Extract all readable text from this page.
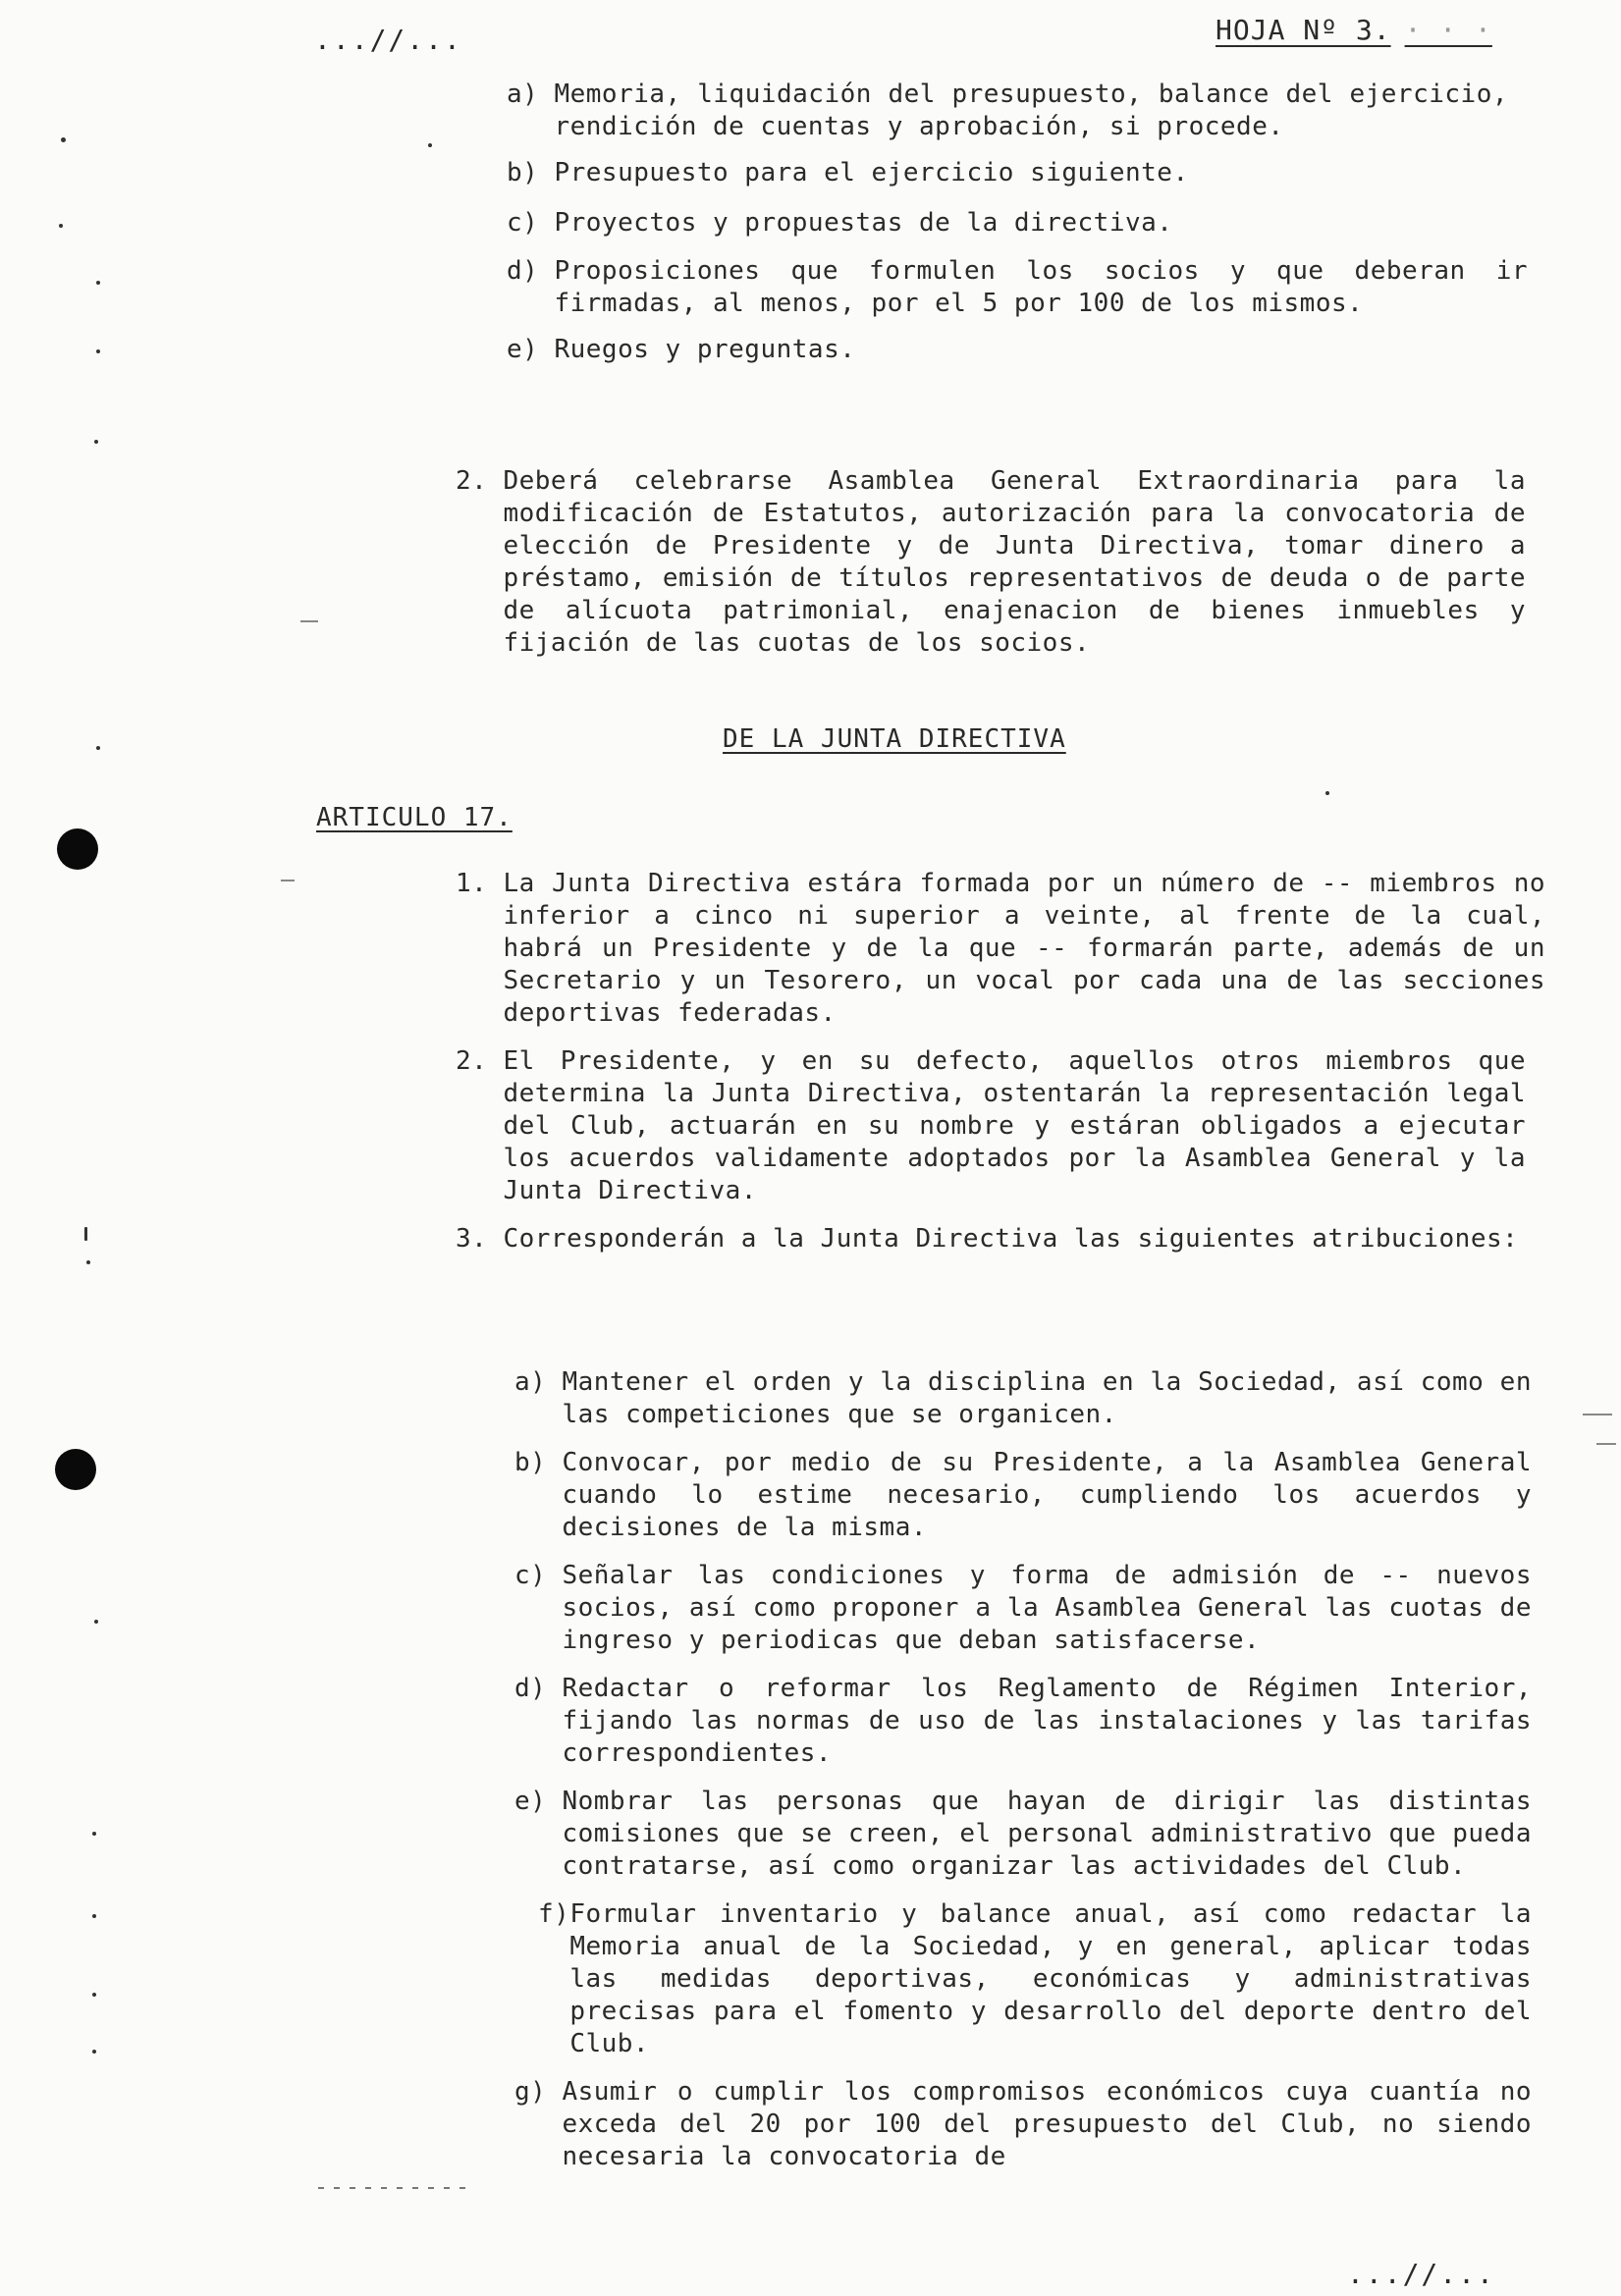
...//...	HOJA Nº 3. · · ·
a)
Memoria, liquidación del presupuesto, balance del ejercicio, rendición de cuentas y aprobación, si procede.
b)
Presupuesto para el ejercicio siguiente.
c)
Proyectos y propuestas de la directiva.
d)
Proposiciones que formulen los socios y que deberan ir firmadas, al menos, por el 5 por 100 de los mismos.
e)
Ruegos y preguntas.
2.
Deberá celebrarse Asamblea General Extraordinaria para la modificación de Estatutos, autorización para la convocatoria de elección de Presidente y de Junta Directiva, tomar dinero a préstamo, emisión de títulos representativos de deuda o de parte de alícuota patrimonial, enajenacion de bienes inmuebles y fijación de las cuotas de los socios.
DE LA JUNTA DIRECTIVA
ARTICULO 17.
1.
La Junta Directiva estára formada por un número de -- miembros no inferior a cinco ni superior a veinte, al frente de la cual, habrá un Presidente y de la que -- formarán parte, además de un Secretario y un Tesorero, un vocal por cada una de las secciones deportivas federadas.
2.
El Presidente, y en su defecto, aquellos otros miembros que determina la Junta Directiva, ostentarán la representación legal del Club, actuarán en su nombre y estáran obligados a ejecutar los acuerdos validamente adoptados por la Asamblea General y la Junta Directiva.
3.
Corresponderán a la Junta Directiva las siguientes atribuciones:
a)
Mantener el orden y la disciplina en la Sociedad, así como en las competiciones que se organicen.
b)
Convocar, por medio de su Presidente, a la Asamblea General cuando lo estime necesario, cumpliendo los acuerdos y decisiones de la misma.
c)
Señalar las condiciones y forma de admisión de -- nuevos socios, así como proponer a la Asamblea General las cuotas de ingreso y periodicas que deban satisfacerse.
d)
Redactar o reformar los Reglamento de Régimen Interior, fijando las normas de uso de las instalaciones y las tarifas correspondientes.
e)
Nombrar las personas que hayan de dirigir las distintas comisiones que se creen, el personal administrativo que pueda contratarse, así como organizar las actividades del Club.
f) Formular inventario y balance anual, así como redactar la Memoria anual de la Sociedad, y en general, aplicar todas las medidas deportivas, económicas y administrativas precisas para el fomento y desarrollo del deporte dentro del Club.
g)
Asumir o cumplir los compromisos económicos cuya cuantía no exceda del 20 por 100 del presupuesto del Club, no siendo necesaria la convocatoria de
...//...
